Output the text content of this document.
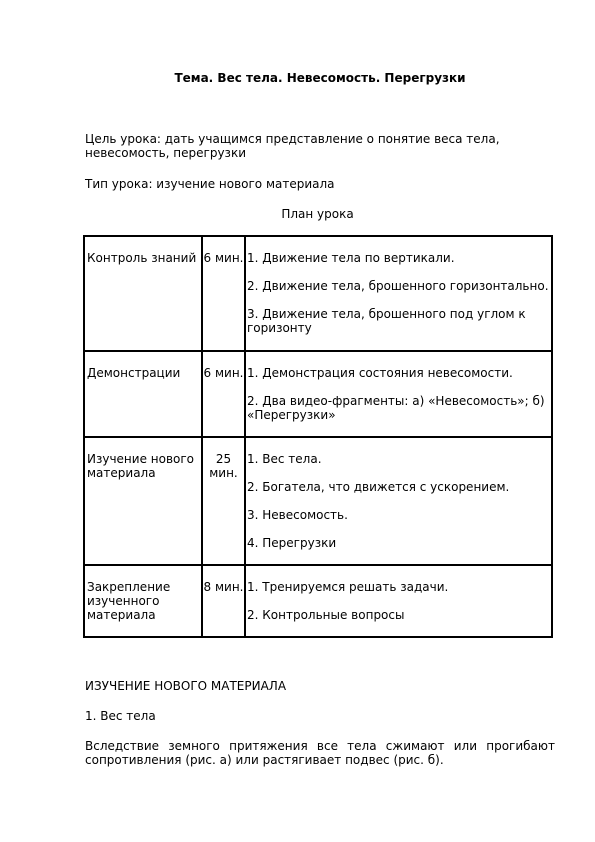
Тема. Вес тела. Невесомость. Перегрузки
Цель урока: дать учащимся представление о понятие веса тела, невесомость, перегрузки
Тип урока: изучение нового материала
План урока
Контроль знаний	6 мин.	1. Движение тела по вертикали.
2. Движение тела, брошенного горизонтально.
3. Движение тела, брошенного под углом к горизонту

Демонстрации	6 мин.	1. Демонстрация состояния невесомости.
2. Два видео-фрагменты: а) «Невесомость»; б) «Перегрузки»

Изучение нового материала	25 мин.	1. Вес тела.
2. Богатела, что движется с ускорением.
3. Невесомость.
4. Перегрузки

Закрепление изученного материала	8 мин.	1. Тренируемся решать задачи.
2. Контрольные вопросы
ИЗУЧЕНИЕ НОВОГО МАТЕРИАЛА
1. Вес тела
Вследствие земного притяжения все тела сжимают или прогибают сопротивления (рис. а) или растягивает подвес (рис. б).
